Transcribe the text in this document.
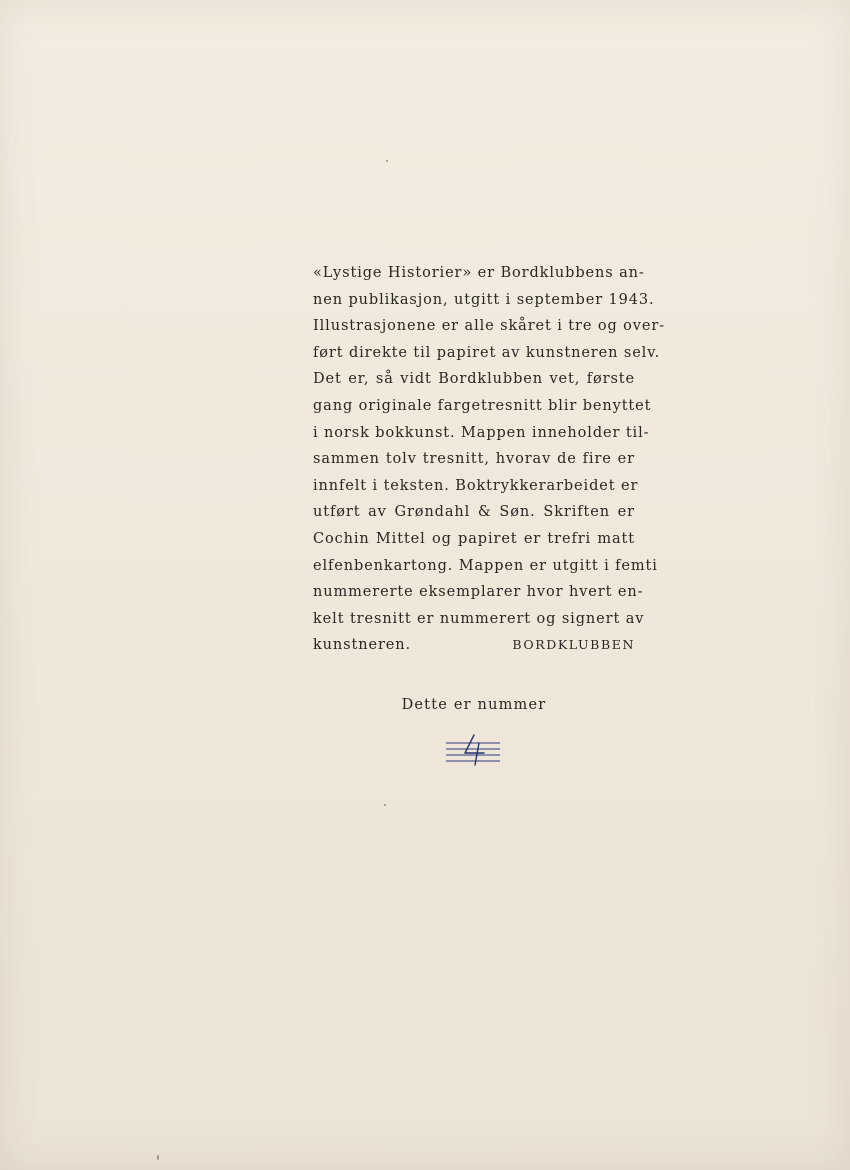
«Lystige Historier» er Bordklubbens an-
nen publikasjon, utgitt i september 1943.
Illustrasjonene er alle skåret i tre og over-
ført direkte til papiret av kunstneren selv.
Det er, så vidt Bordklubben vet, første
gang originale fargetresnitt blir benyttet
i norsk bokkunst. Mappen inneholder til-
sammen tolv tresnitt, hvorav de fire er
innfelt i teksten. Boktrykkerarbeidet er
utført av Grøndahl & Søn. Skriften er
Cochin Mittel og papiret er trefri matt
elfenbenkartong. Mappen er utgitt i femti
nummererte eksemplarer hvor hvert en-
kelt tresnitt er nummerert og signert av
kunstneren.	BORDKLUBBEN
Dette er nummer
